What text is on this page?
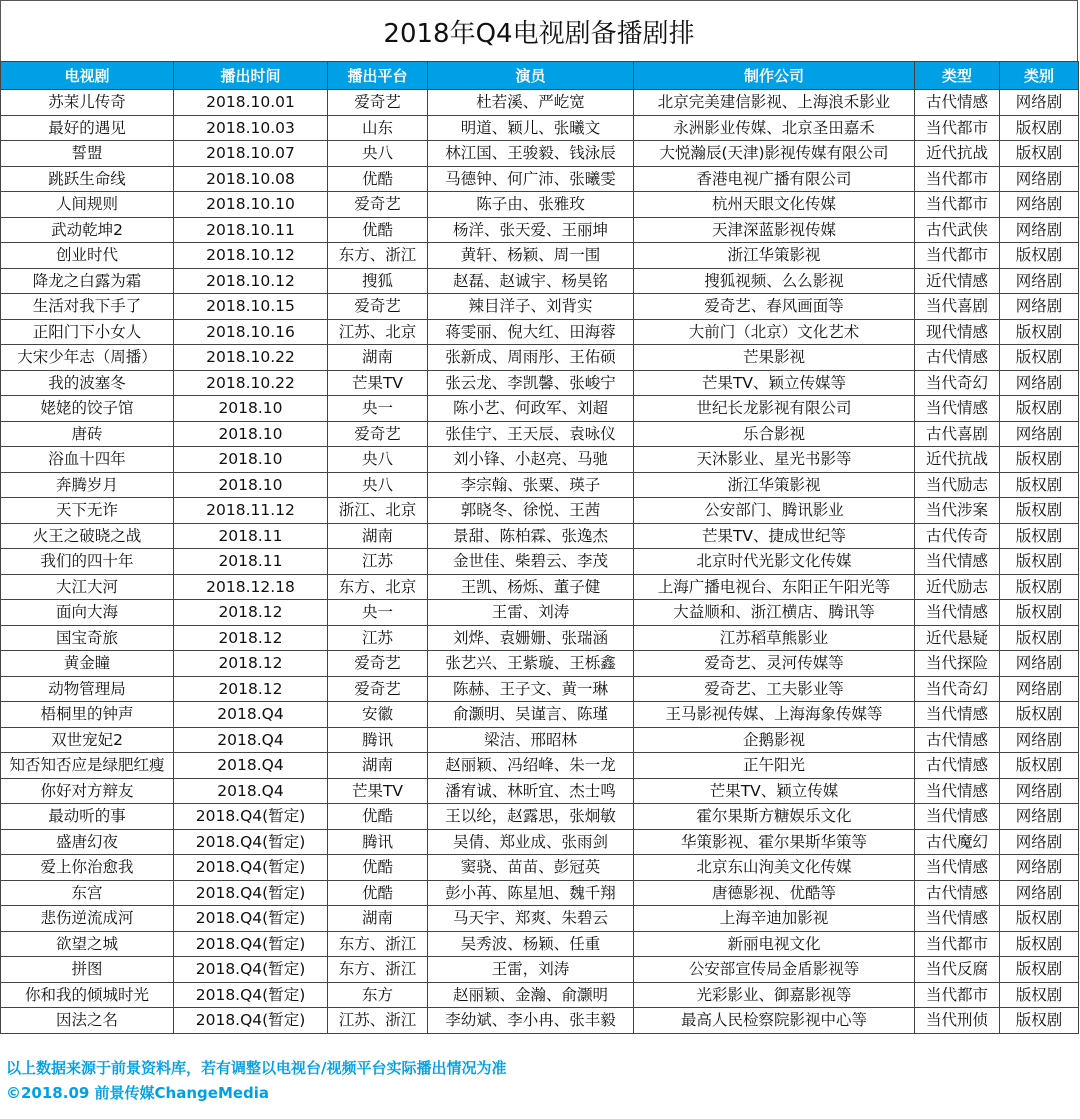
2018年Q4电视剧备播剧排
电视剧	播出时间	播出平台	演员	制作公司	类型	类别
苏茉儿传奇	2018.10.01	爱奇艺	杜若溪、严屹宽	北京完美建信影视、上海浪禾影业	古代情感	网络剧
最好的遇见	2018.10.03	山东	明道、颖儿、张曦文	永洲影业传媒、北京圣田嘉禾	当代都市	版权剧
誓盟	2018.10.07	央八	林江国、王骏毅、钱泳辰	大悦瀚辰(天津)影视传媒有限公司	近代抗战	版权剧
跳跃生命线	2018.10.08	优酷	马德钟、何广沛、张曦雯	香港电视广播有限公司	当代都市	网络剧
人间规则	2018.10.10	爱奇艺	陈子由、张雅玫	杭州天眼文化传媒	当代都市	网络剧
武动乾坤2	2018.10.11	优酷	杨洋、张天爱、王丽坤	天津深蓝影视传媒	古代武侠	网络剧
创业时代	2018.10.12	东方、浙江	黄轩、杨颖、周一围	浙江华策影视	当代都市	版权剧
降龙之白露为霜	2018.10.12	搜狐	赵磊、赵诚宇、杨昊铭	搜狐视频、么么影视	近代情感	网络剧
生活对我下手了	2018.10.15	爱奇艺	辣目洋子、刘背实	爱奇艺、春风画面等	当代喜剧	网络剧
正阳门下小女人	2018.10.16	江苏、北京	蒋雯丽、倪大红、田海蓉	大前门（北京）文化艺术	现代情感	版权剧
大宋少年志（周播）	2018.10.22	湖南	张新成、周雨彤、王佑硕	芒果影视	古代情感	版权剧
我的波塞冬	2018.10.22	芒果TV	张云龙、李凯馨、张峻宁	芒果TV、颖立传媒等	当代奇幻	网络剧
姥姥的饺子馆	2018.10	央一	陈小艺、何政军、刘超	世纪长龙影视有限公司	当代情感	版权剧
唐砖	2018.10	爱奇艺	张佳宁、王天辰、袁咏仪	乐合影视	古代喜剧	网络剧
浴血十四年	2018.10	央八	刘小锋、小赵亮、马驰	天沐影业、星光书影等	近代抗战	版权剧
奔腾岁月	2018.10	央八	李宗翰、张粟、瑛子	浙江华策影视	当代励志	版权剧
天下无诈	2018.11.12	浙江、北京	郭晓冬、徐悦、王茜	公安部门、腾讯影业	当代涉案	版权剧
火王之破晓之战	2018.11	湖南	景甜、陈柏霖、张逸杰	芒果TV、捷成世纪等	古代传奇	版权剧
我们的四十年	2018.11	江苏	金世佳、柴碧云、李茂	北京时代光影文化传媒	当代情感	版权剧
大江大河	2018.12.18	东方、北京	王凯、杨烁、董子健	上海广播电视台、东阳正午阳光等	近代励志	版权剧
面向大海	2018.12	央一	王雷、刘涛	大益顺和、浙江横店、腾讯等	当代情感	版权剧
国宝奇旅	2018.12	江苏	刘烨、袁姗姗、张瑞涵	江苏稻草熊影业	近代悬疑	版权剧
黄金瞳	2018.12	爱奇艺	张艺兴、王紫璇、王栎鑫	爱奇艺、灵河传媒等	当代探险	网络剧
动物管理局	2018.12	爱奇艺	陈赫、王子文、黄一琳	爱奇艺、工夫影业等	当代奇幻	网络剧
梧桐里的钟声	2018.Q4	安徽	俞灏明、吴谨言、陈瑾	王马影视传媒、上海海象传媒等	当代情感	版权剧
双世宠妃2	2018.Q4	腾讯	梁洁、邢昭林	企鹅影视	古代情感	网络剧
知否知否应是绿肥红瘦	2018.Q4	湖南	赵丽颖、冯绍峰、朱一龙	正午阳光	古代情感	版权剧
你好对方辩友	2018.Q4	芒果TV	潘宥诚、林昕宜、杰士鸣	芒果TV、颖立传媒	当代情感	网络剧
最动听的事	2018.Q4(暂定)	优酷	王以纶，赵露思，张炯敏	霍尔果斯方糖娱乐文化	当代情感	网络剧
盛唐幻夜	2018.Q4(暂定)	腾讯	吴倩、郑业成、张雨剑	华策影视、霍尔果斯华策等	古代魔幻	网络剧
爱上你治愈我	2018.Q4(暂定)	优酷	窦骁、苗苗、彭冠英	北京东山洵美文化传媒	当代情感	网络剧
东宫	2018.Q4(暂定)	优酷	彭小苒、陈星旭、魏千翔	唐德影视、优酷等	古代情感	网络剧
悲伤逆流成河	2018.Q4(暂定)	湖南	马天宇、郑爽、朱碧云	上海辛迪加影视	当代情感	版权剧
欲望之城	2018.Q4(暂定)	东方、浙江	吴秀波、杨颖、任重	新丽电视文化	当代都市	版权剧
拼图	2018.Q4(暂定)	东方、浙江	王雷，刘涛	公安部宣传局金盾影视等	当代反腐	版权剧
你和我的倾城时光	2018.Q4(暂定)	东方	赵丽颖、金瀚、俞灏明	光彩影业、御嘉影视等	当代都市	版权剧
因法之名	2018.Q4(暂定)	江苏、浙江	李幼斌、李小冉、张丰毅	最高人民检察院影视中心等	当代刑侦	版权剧
以上数据来源于前景资料库，若有调整以电视台/视频平台实际播出情况为准
©2018.09 前景传媒ChangeMedia
